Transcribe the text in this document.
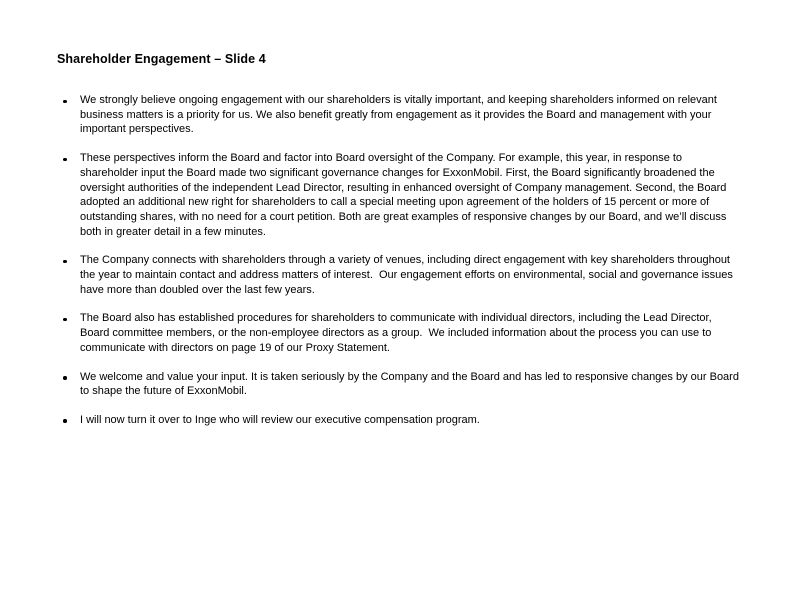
Shareholder Engagement – Slide 4

We strongly believe ongoing engagement with our shareholders is vitally important, and keeping shareholders informed on relevant business matters is a priority for us. We also benefit greatly from engagement as it provides the Board and management with your important perspectives.

These perspectives inform the Board and factor into Board oversight of the Company. For example, this year, in response to shareholder input the Board made two significant governance changes for ExxonMobil. First, the Board significantly broadened the oversight authorities of the independent Lead Director, resulting in enhanced oversight of Company management. Second, the Board adopted an additional new right for shareholders to call a special meeting upon agreement of the holders of 15 percent or more of outstanding shares, with no need for a court petition. Both are great examples of responsive changes by our Board, and we’ll discuss both in greater detail in a few minutes.

The Company connects with shareholders through a variety of venues, including direct engagement with key shareholders throughout the year to maintain contact and address matters of interest.  Our engagement efforts on environmental, social and governance issues have more than doubled over the last few years.

The Board also has established procedures for shareholders to communicate with individual directors, including the Lead Director, Board committee members, or the non-employee directors as a group.  We included information about the process you can use to communicate with directors on page 19 of our Proxy Statement.

We welcome and value your input. It is taken seriously by the Company and the Board and has led to responsive changes by our Board to shape the future of ExxonMobil.

I will now turn it over to Inge who will review our executive compensation program.
